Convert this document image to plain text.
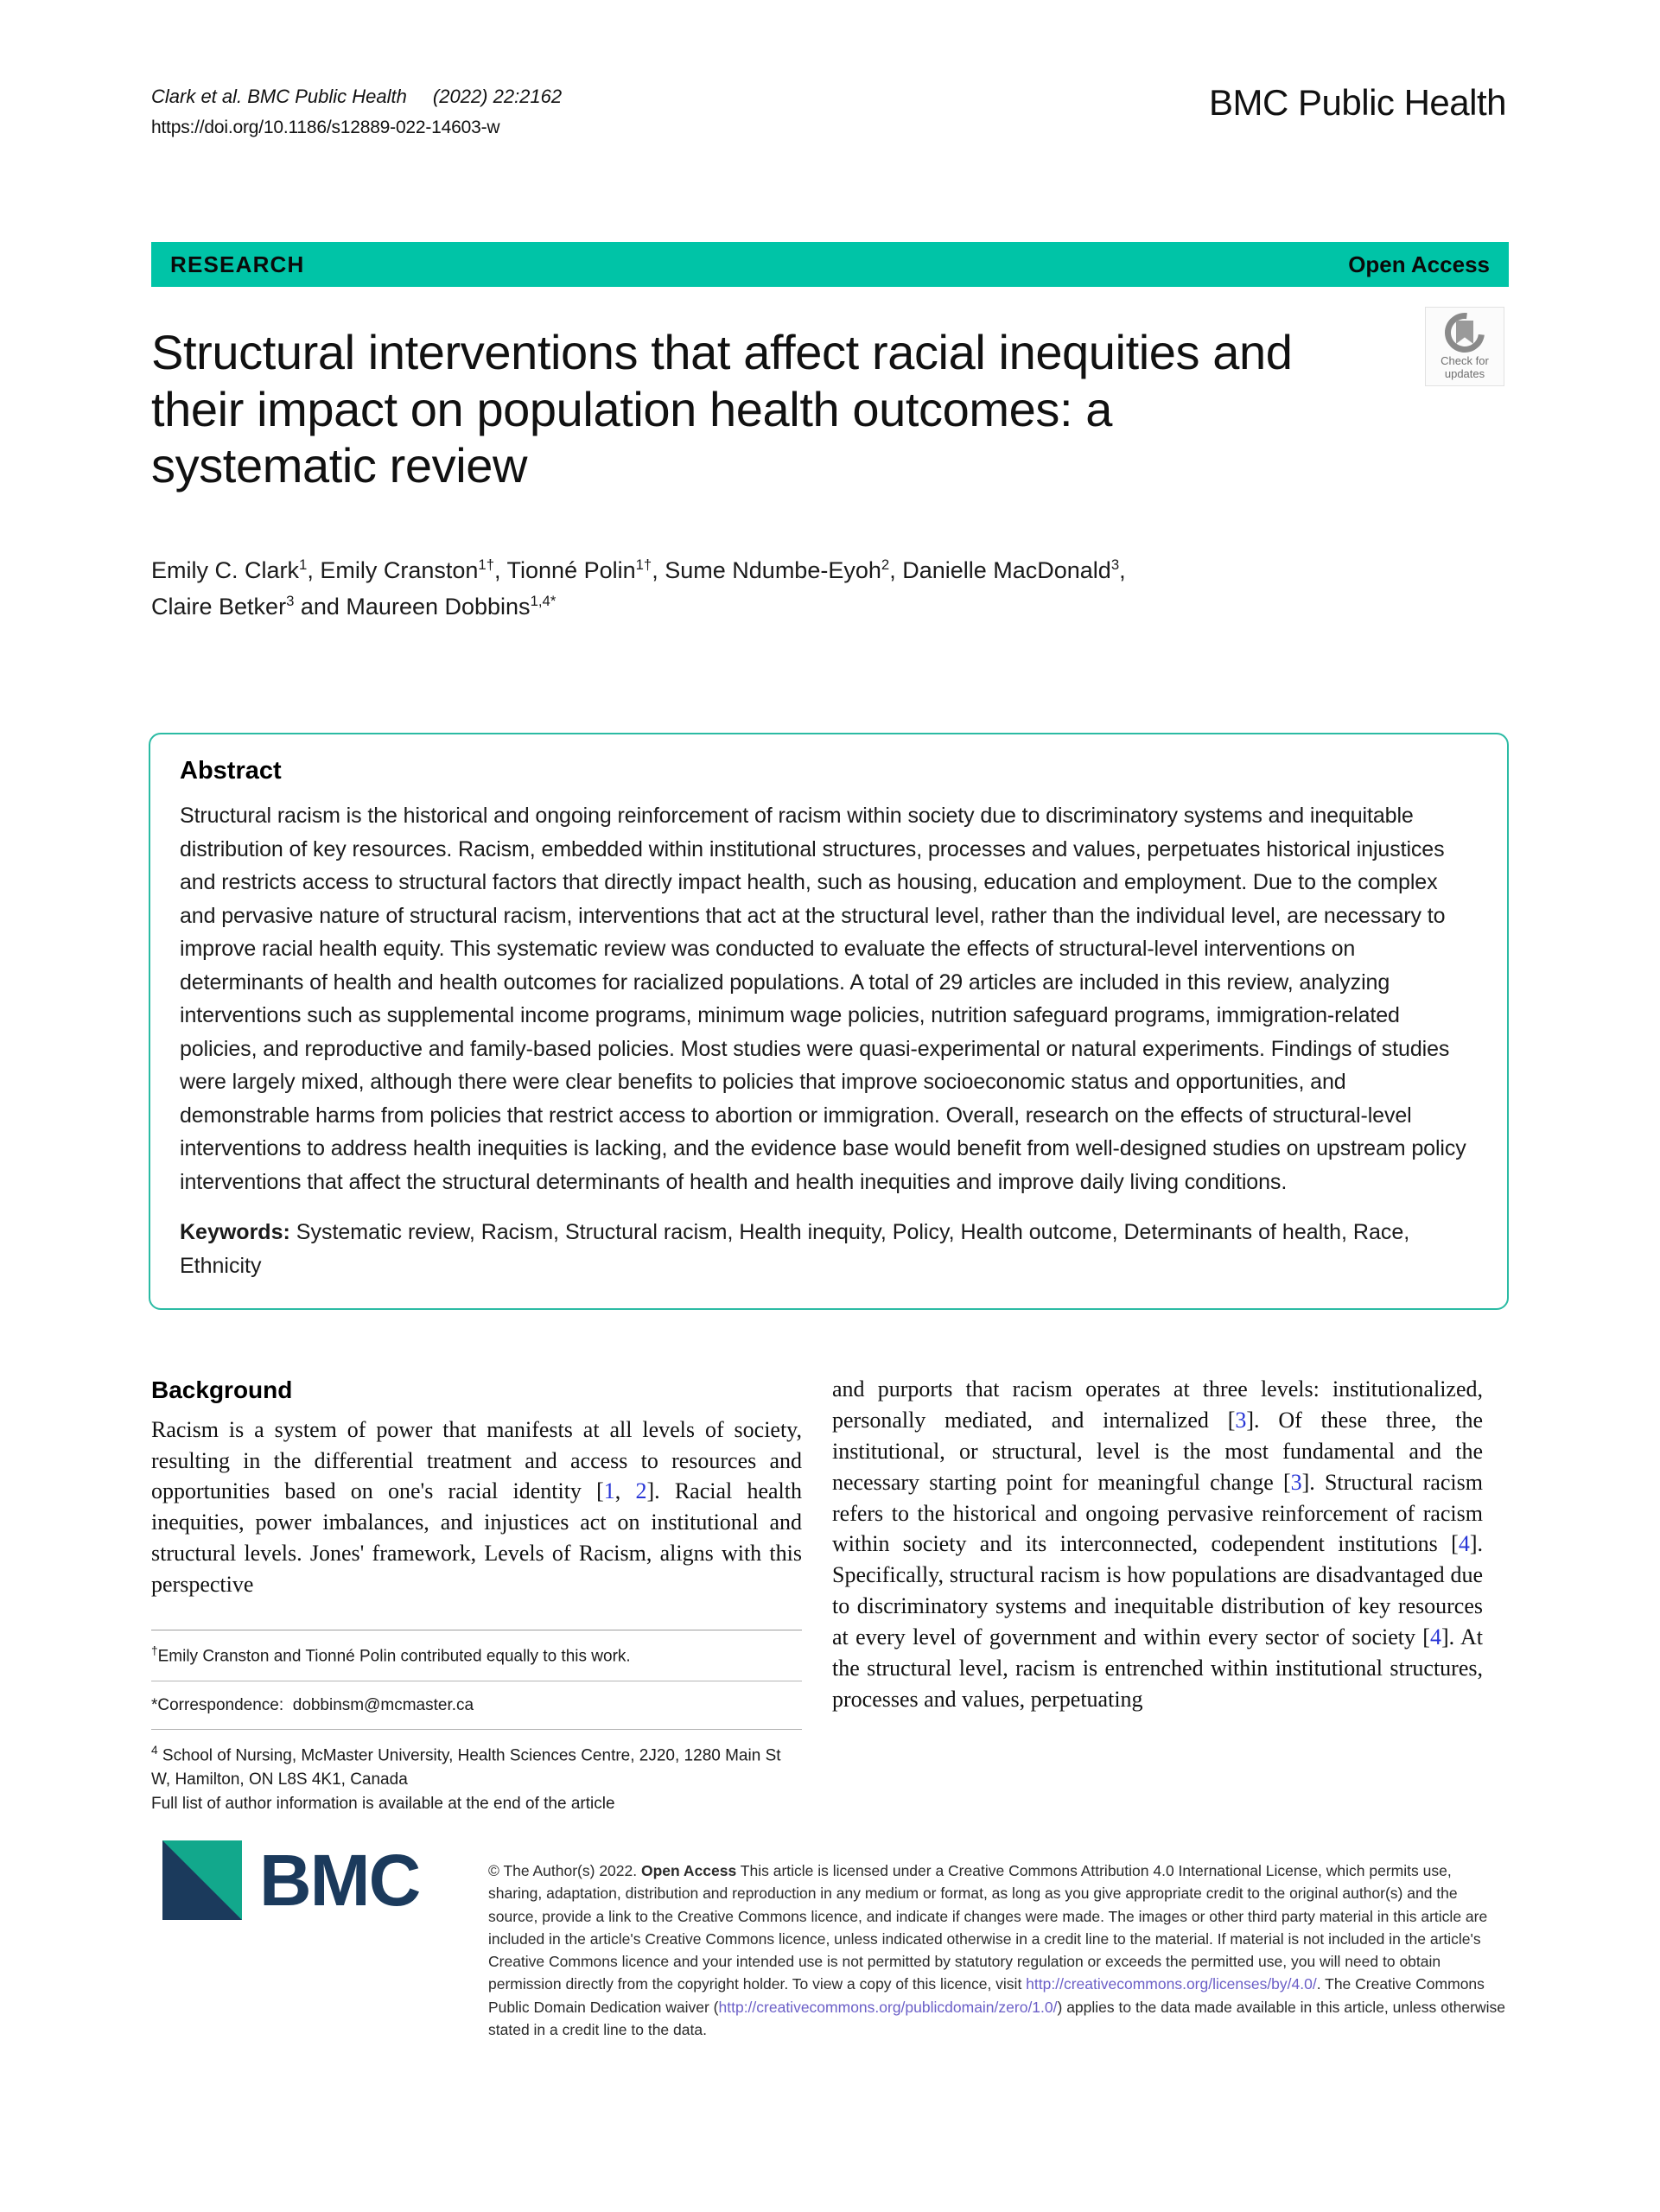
Clark et al. BMC Public Health (2022) 22:2162
https://doi.org/10.1186/s12889-022-14603-w
BMC Public Health
RESEARCH	Open Access
Check for
updates
Structural interventions that affect racial inequities and their impact on population health outcomes: a systematic review
Emily C. Clark$^1$, Emily Cranston$^{1\dagger}$, Tionné Polin$^{1\dagger}$, Sume Ndumbe-Eyoh$^2$, Danielle MacDonald$^3$,
Claire Betker$^3$ and Maureen Dobbins$^{1,4*}$
Abstract

Structural racism is the historical and ongoing reinforcement of racism within society due to discriminatory systems and inequitable distribution of key resources. Racism, embedded within institutional structures, processes and values, perpetuates historical injustices and restricts access to structural factors that directly impact health, such as housing, education and employment. Due to the complex and pervasive nature of structural racism, interventions that act at the structural level, rather than the individual level, are necessary to improve racial health equity. This systematic review was conducted to evaluate the effects of structural-level interventions on determinants of health and health outcomes for racialized populations. A total of 29 articles are included in this review, analyzing interventions such as supplemental income programs, minimum wage policies, nutrition safeguard programs, immigration-related policies, and reproductive and family-based policies. Most studies were quasi-experimental or natural experiments. Findings of studies were largely mixed, although there were clear benefits to policies that improve socioeconomic status and opportunities, and demonstrable harms from policies that restrict access to abortion or immigration. Overall, research on the effects of structural-level interventions to address health inequities is lacking, and the evidence base would benefit from well-designed studies on upstream policy interventions that affect the structural determinants of health and health inequities and improve daily living conditions.

Keywords: Systematic review, Racism, Structural racism, Health inequity, Policy, Health outcome, Determinants of health, Race, Ethnicity
Background

Racism is a system of power that manifests at all levels of society, resulting in the differential treatment and access to resources and opportunities based on one's racial identity [1, 2]. Racial health inequities, power imbalances, and injustices act on institutional and structural levels. Jones' framework, Levels of Racism, aligns with this perspective

and purports that racism operates at three levels: institutionalized, personally mediated, and internalized [3]. Of these three, the institutional, or structural, level is the most fundamental and the necessary starting point for meaningful change [3]. Structural racism refers to the historical and ongoing pervasive reinforcement of racism within society and its interconnected, codependent institutions [4]. Specifically, structural racism is how populations are disadvantaged due to discriminatory systems and inequitable distribution of key resources at every level of government and within every sector of society [4]. At the structural level, racism is entrenched within institutional structures, processes and values, perpetuating

†Emily Cranston and Tionné Polin contributed equally to this work.
*Correspondence: dobbinsm@mcmaster.ca
$^4$ School of Nursing, McMaster University, Health Sciences Centre, 2J20, 1280 Main St W, Hamilton, ON L8S 4K1, Canada
Full list of author information is available at the end of the article
BMC	© The Author(s) 2022. Open Access This article is licensed under a Creative Commons Attribution 4.0 International License, which permits use, sharing, adaptation, distribution and reproduction in any medium or format, as long as you give appropriate credit to the original author(s) and the source, provide a link to the Creative Commons licence, and indicate if changes were made. The images or other third party material in this article are included in the article's Creative Commons licence, unless indicated otherwise in a credit line to the material. If material is not included in the article's Creative Commons licence and your intended use is not permitted by statutory regulation or exceeds the permitted use, you will need to obtain permission directly from the copyright holder. To view a copy of this licence, visit http://creativecommons.org/licenses/by/4.0/. The Creative Commons Public Domain Dedication waiver (http://creativecommons.org/publicdomain/zero/1.0/) applies to the data made available in this article, unless otherwise stated in a credit line to the data.
